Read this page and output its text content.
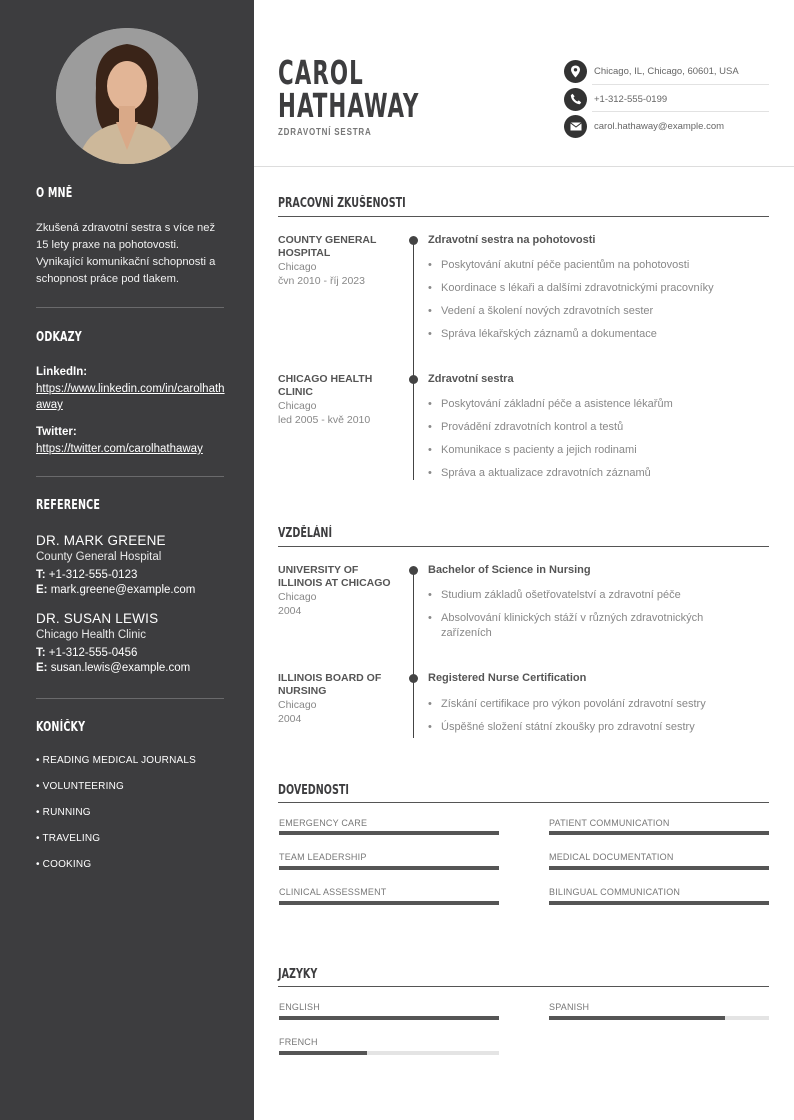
O MNĚ
Zkušená zdravotní sestra s více než 15 lety praxe na pohotovosti. Vynikající komunikační schopnosti a schopnost práce pod tlakem.
ODKAZY
LinkedIn:
https://www.linkedin.com/in/carolhathaway
Twitter:
https://twitter.com/carolhathaway
REFERENCE
DR. MARK GREENE
County General Hospital
T: +1-312-555-0123
E: mark.greene@example.com
DR. SUSAN LEWIS
Chicago Health Clinic
T: +1-312-555-0456
E: susan.lewis@example.com
KONÍČKY
• READING MEDICAL JOURNALS
• VOLUNTEERING
• RUNNING
• TRAVELING
• COOKING
CAROL
HATHAWAY
ZDRAVOTNÍ SESTRA
Chicago, IL, Chicago, 60601, USA
+1-312-555-0199
carol.hathaway@example.com
PRACOVNÍ ZKUŠENOSTI
COUNTY GENERAL HOSPITAL
Chicago
čvn 2010 - říj 2023
Zdravotní sestra na pohotovosti
• Poskytování akutní péče pacientům na pohotovosti
• Koordinace s lékaři a dalšími zdravotnickými pracovníky
• Vedení a školení nových zdravotních sester
• Správa lékařských záznamů a dokumentace
CHICAGO HEALTH CLINIC
Chicago
led 2005 - kvě 2010
Zdravotní sestra
• Poskytování základní péče a asistence lékařům
• Provádění zdravotních kontrol a testů
• Komunikace s pacienty a jejich rodinami
• Správa a aktualizace zdravotních záznamů
VZDĚLÁNÍ
UNIVERSITY OF ILLINOIS AT CHICAGO
Chicago
2004
Bachelor of Science in Nursing
• Studium základů ošetřovatelství a zdravotní péče
• Absolvování klinických stáží v různých zdravotnických zařízeních
ILLINOIS BOARD OF NURSING
Chicago
2004
Registered Nurse Certification
• Získání certifikace pro výkon povolání zdravotní sestry
• Úspěšné složení státní zkoušky pro zdravotní sestry
DOVEDNOSTI
EMERGENCY CARE	PATIENT COMMUNICATION
TEAM LEADERSHIP	MEDICAL DOCUMENTATION
CLINICAL ASSESSMENT	BILINGUAL COMMUNICATION
JAZYKY
ENGLISH	SPANISH
FRENCH
